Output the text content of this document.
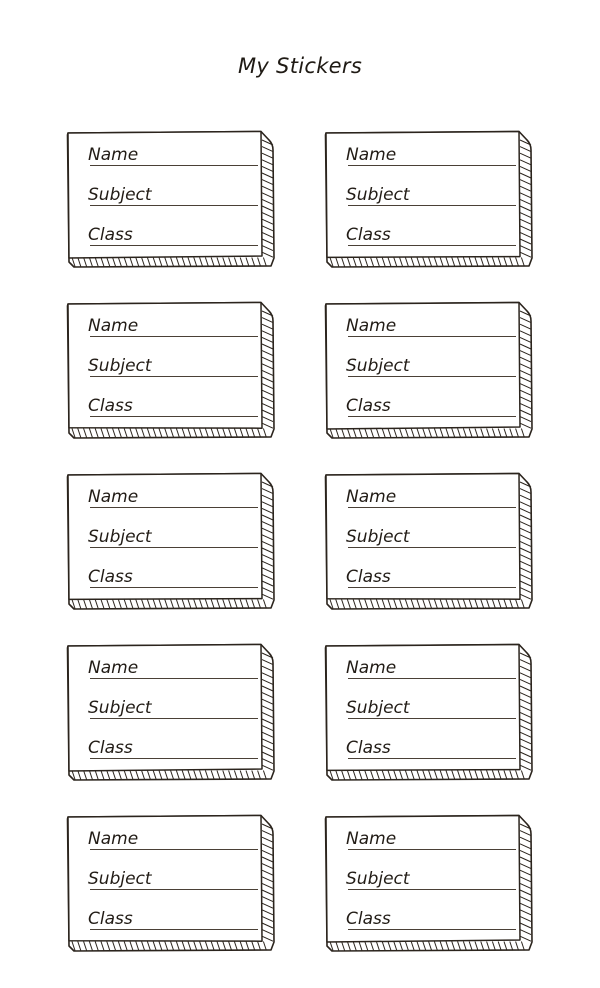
My Stickers
Name
Subject
Class
Name
Subject
Class
Name
Subject
Class
Name
Subject
Class
Name
Subject
Class
Name
Subject
Class
Name
Subject
Class
Name
Subject
Class
Name
Subject
Class
Name
Subject
Class
